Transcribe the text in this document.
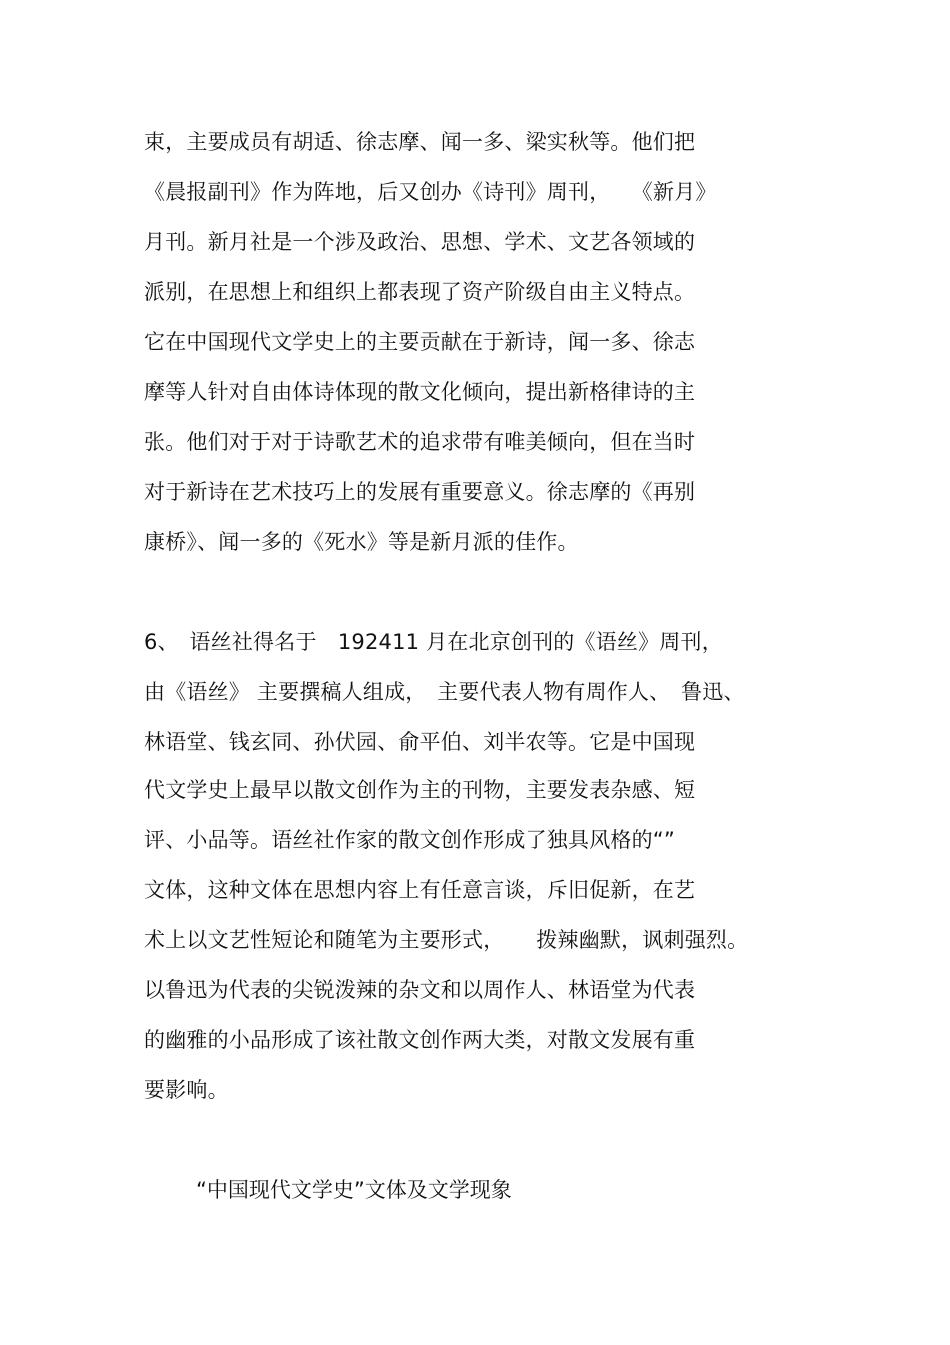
束，主要成员有胡适、徐志摩、闻一多、梁实秋等。他们把
《晨报副刊》作为阵地，后又创办《诗刊》周刊，　　《新月》
月刊。新月社是一个涉及政治、思想、学术、文艺各领域的
派别，在思想上和组织上都表现了资产阶级自由主义特点。
它在中国现代文学史上的主要贡献在于新诗，闻一多、徐志
摩等人针对自由体诗体现的散文化倾向，提出新格律诗的主
张。他们对于对于诗歌艺术的追求带有唯美倾向，但在当时
对于新诗在艺术技巧上的发展有重要意义。徐志摩的《再别
康桥》、闻一多的《死水》等是新月派的佳作。
6、　语丝社得名于　192411 月在北京创刊的《语丝》周刊，
由《语丝》 主要撰稿人组成，　主要代表人物有周作人、　鲁迅、
林语堂、钱玄同、孙伏园、俞平伯、刘半农等。它是中国现
代文学史上最早以散文创作为主的刊物，主要发表杂感、短
评、小品等。语丝社作家的散文创作形成了独具风格的“”
文体，这种文体在思想内容上有任意言谈，斥旧促新，在艺
术上以文艺性短论和随笔为主要形式，　　拨辣幽默，讽刺强烈。
以鲁迅为代表的尖锐泼辣的杂文和以周作人、林语堂为代表
的幽雅的小品形成了该社散文创作两大类，对散文发展有重
要影响。
“中国现代文学史”文体及文学现象
